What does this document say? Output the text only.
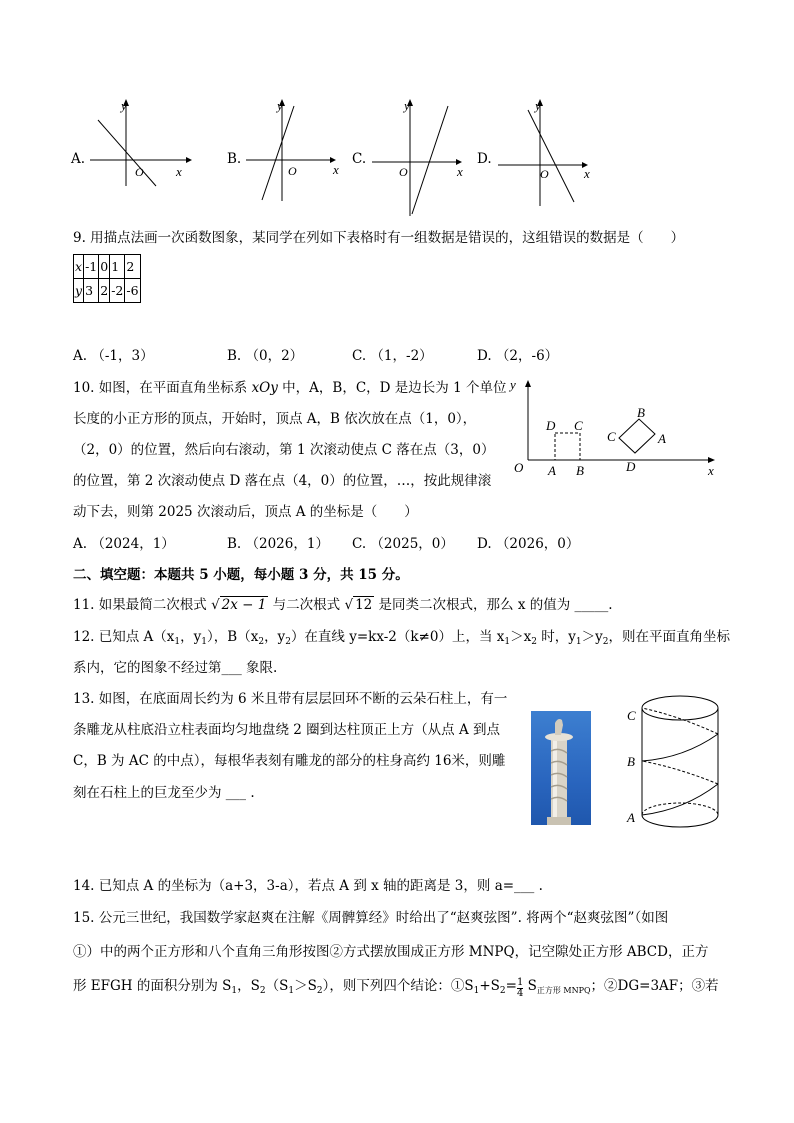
A.
y
x
O
B.
y
x
O
C.
y
x
O
D.
y
x
O
9. 用描点法画一次函数图象，某同学在列如下表格时有一组数据是错误的，这组错误的数据是（　　）
x	-1	0	1	2
y	3	2	-2	-6
A. （-1，3）	B. （0，2）	C. （1，-2）	D. （2，-6）
10. 如图，在平面直角坐标系 xOy 中，A，B，C，D 是边长为 1 个单位
长度的小正方形的顶点，开始时，顶点 A，B 依次放在点（1，0），
（2，0）的位置，然后向右滚动，第 1 次滚动使点 C 落在点（3，0）
的位置，第 2 次滚动使点 D 落在点（4，0）的位置，…，按此规律滚
动下去，则第 2025 次滚动后，顶点 A 的坐标是（　　）
y
x
O
D C
A B
B
C	A
D
A. （2024，1）	B. （2026，1） C. （2025，0） D. （2026，0）
二、填空题：本题共 5 小题，每小题 3 分，共 15 分。
11. 如果最简二次根式 √ 2x − 1 与二次根式 √ 12 是同类二次根式，那么 x 的值为 _____.
12. 已知点 $A(x_1$，$y_1$），$B(x_2$，$y_2$）在直线 y=kx-2（k≠0）上，当 $x_1>x_2$ 时，$y_1>y_2$，则在平面直角坐标
系内，它的图象不经过第___ 象限.
13. 如图，在底面周长约为 6 米且带有层层回环不断的云朵石柱上，有一
条雕龙从柱底沿立柱表面均匀地盘绕 2 圈到达柱顶正上方（从点 A 到点
C，B 为 AC 的中点），每根华表刻有雕龙的部分的柱身高约 16米，则雕
刻在石柱上的巨龙至少为 ___ .
C
B
A
14. 已知点 A 的坐标为（a+3，3-a），若点 A 到 x 轴的距离是 3，则 a=___ .
15. 公元三世纪，我国数学家赵爽在注解《周髀算经》时给出了“赵爽弦图”. 将两个“赵爽弦图”（如图
①）中的两个正方形和八个直角三角形按图②方式摆放围成正方形 MNPQ，记空隙处正方形 ABCD，正方
形 EFGH 的面积分别为 $S_1$，$S_2(S_1>S_2)$，则下列四个结论：$①S_1+S_2= \frac{1}{4} S_{正方形 MNPQ}$；②DG=3AF；③若
